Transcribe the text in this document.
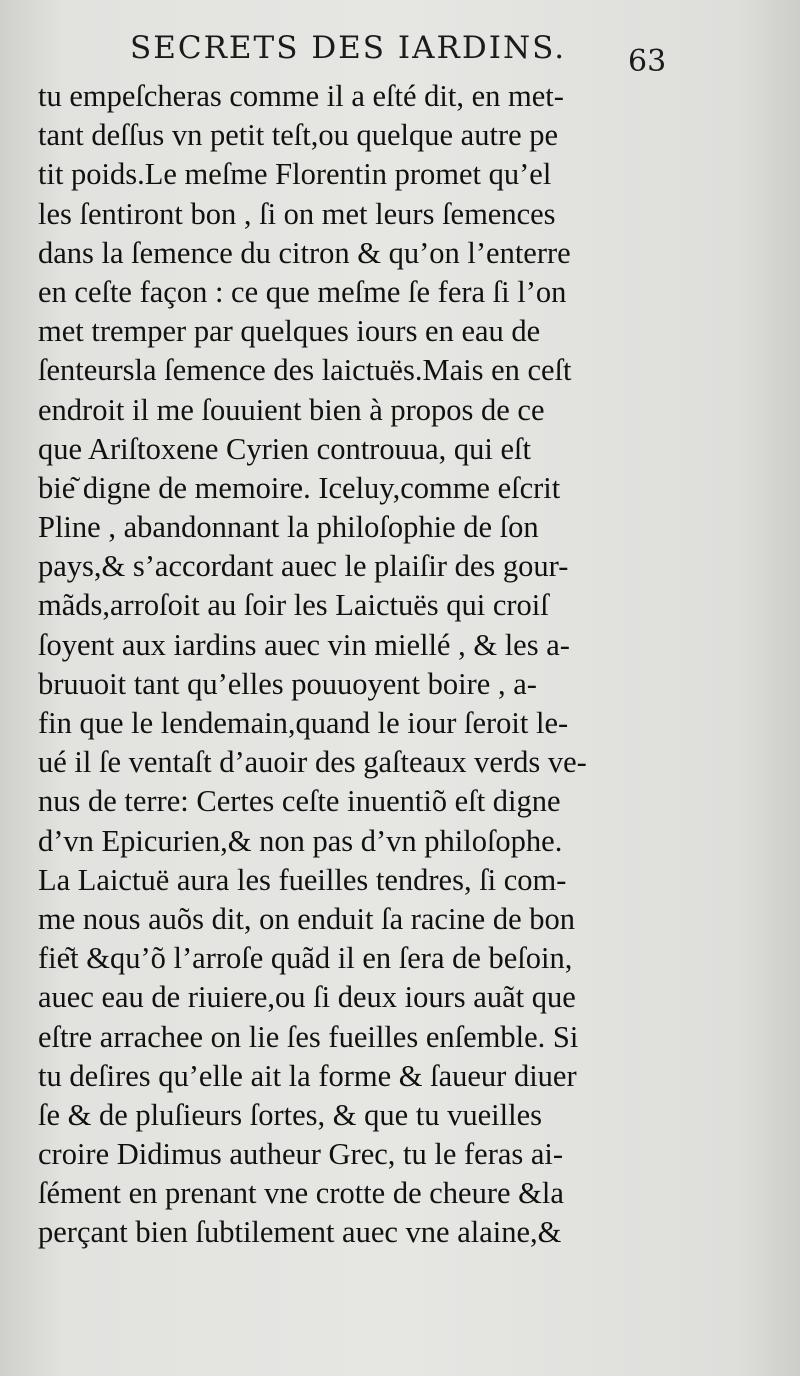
SECRETS DES IARDINS. 63
tu empeſcheras comme il a eſté dit, en met-
tant deſſus vn petit teſt,ou quelque autre pe
tit poids.Le meſme Florentin promet qu’el
les ſentiront bon , ſi on met leurs ſemences
dans la ſemence du citron & qu’on l’enterre
en ceſte façon : ce que meſme ſe fera ſi l’on
met tremper par quelques iours en eau de
ſenteursla ſemence des laictuës.Mais en ceſt
endroit il me ſouuient bien à propos de ce
que Ariſtoxene Cyrien controuua, qui eſt
bie͂ digne de memoire. Iceluy,comme eſcrit
Pline , abandonnant la philoſophie de ſon
pays,& s’accordant auec le plaiſir des gour-
mãds,arroſoit au ſoir les Laictuës qui croiſ
ſoyent aux iardins auec vin miellé , & les a-
bruuoit tant qu’elles pouuoyent boire , a-
fin que le lendemain,quand le iour ſeroit le-
ué il ſe ventaſt d’auoir des gaſteaux verds ve-
nus de terre: Certes ceſte inuentiõ eſt digne
d’vn Epicurien,& non pas d’vn philoſophe.
La Laictuë aura les fueilles tendres, ſi com-
me nous auõs dit, on enduit ſa racine de bon
fie͂t &qu’õ l’arroſe quãd il en ſera de beſoin,
auec eau de riuiere,ou ſi deux iours auãt que
eſtre arrachee on lie ſes fueilles enſemble. Si
tu deſires qu’elle ait la forme & ſaueur diuer
ſe & de pluſieurs ſortes, & que tu vueilles
croire Didimus autheur Grec, tu le feras ai-
ſément en prenant vne crotte de cheure &la
perçant bien ſubtilement auec vne alaine,&
